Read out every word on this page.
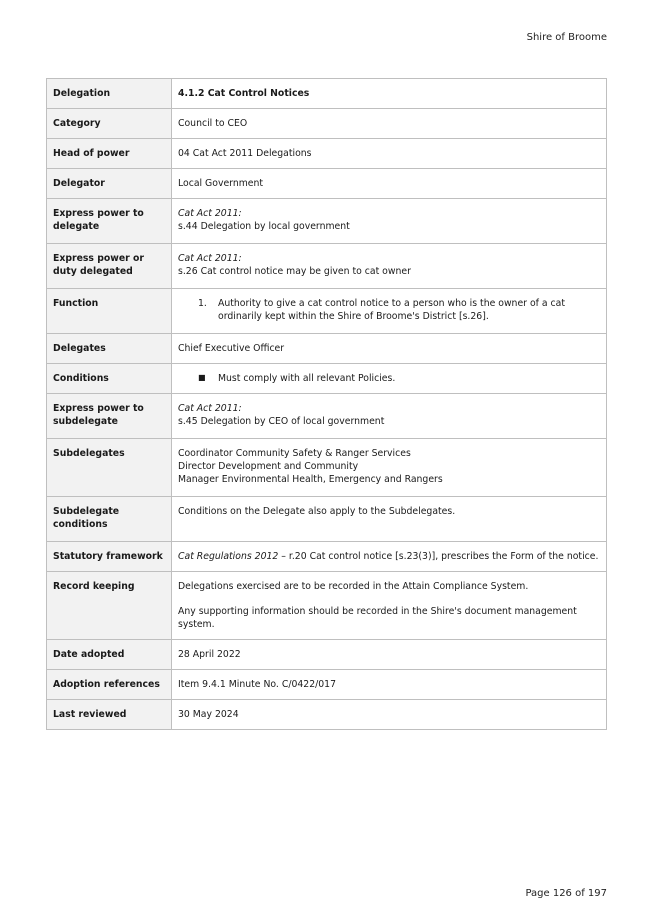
Shire of Broome
Delegation	4.1.2 Cat Control Notices
Category	Council to CEO
Head of power	04 Cat Act 2011 Delegations
Delegator	Local Government
Express power to delegate	Cat Act 2011:
s.44 Delegation by local government

Express power or duty delegated	Cat Act 2011:
s.26 Cat control notice may be given to cat owner

Function	1. Authority to give a cat control notice to a person who is the owner of a cat ordinarily kept within the Shire of Broome's District [s.26].

Delegates	Chief Executive Officer
Conditions	■ Must comply with all relevant Policies.

Express power to subdelegate	Cat Act 2011:
s.45 Delegation by CEO of local government

Subdelegates	Coordinator Community Safety & Ranger Services
Director Development and Community
Manager Environmental Health, Emergency and Rangers

Subdelegate conditions	Conditions on the Delegate also apply to the Subdelegates.
Statutory framework	Cat Regulations 2012 – r.20 Cat control notice [s.23(3)], prescribes the Form of the notice.
Record keeping	Delegations exercised are to be recorded in the Attain Compliance System.
Any supporting information should be recorded in the Shire's document management system.

Date adopted	28 April 2022
Adoption references	Item 9.4.1 Minute No. C/0422/017
Last reviewed	30 May 2024
Page 126 of 197
